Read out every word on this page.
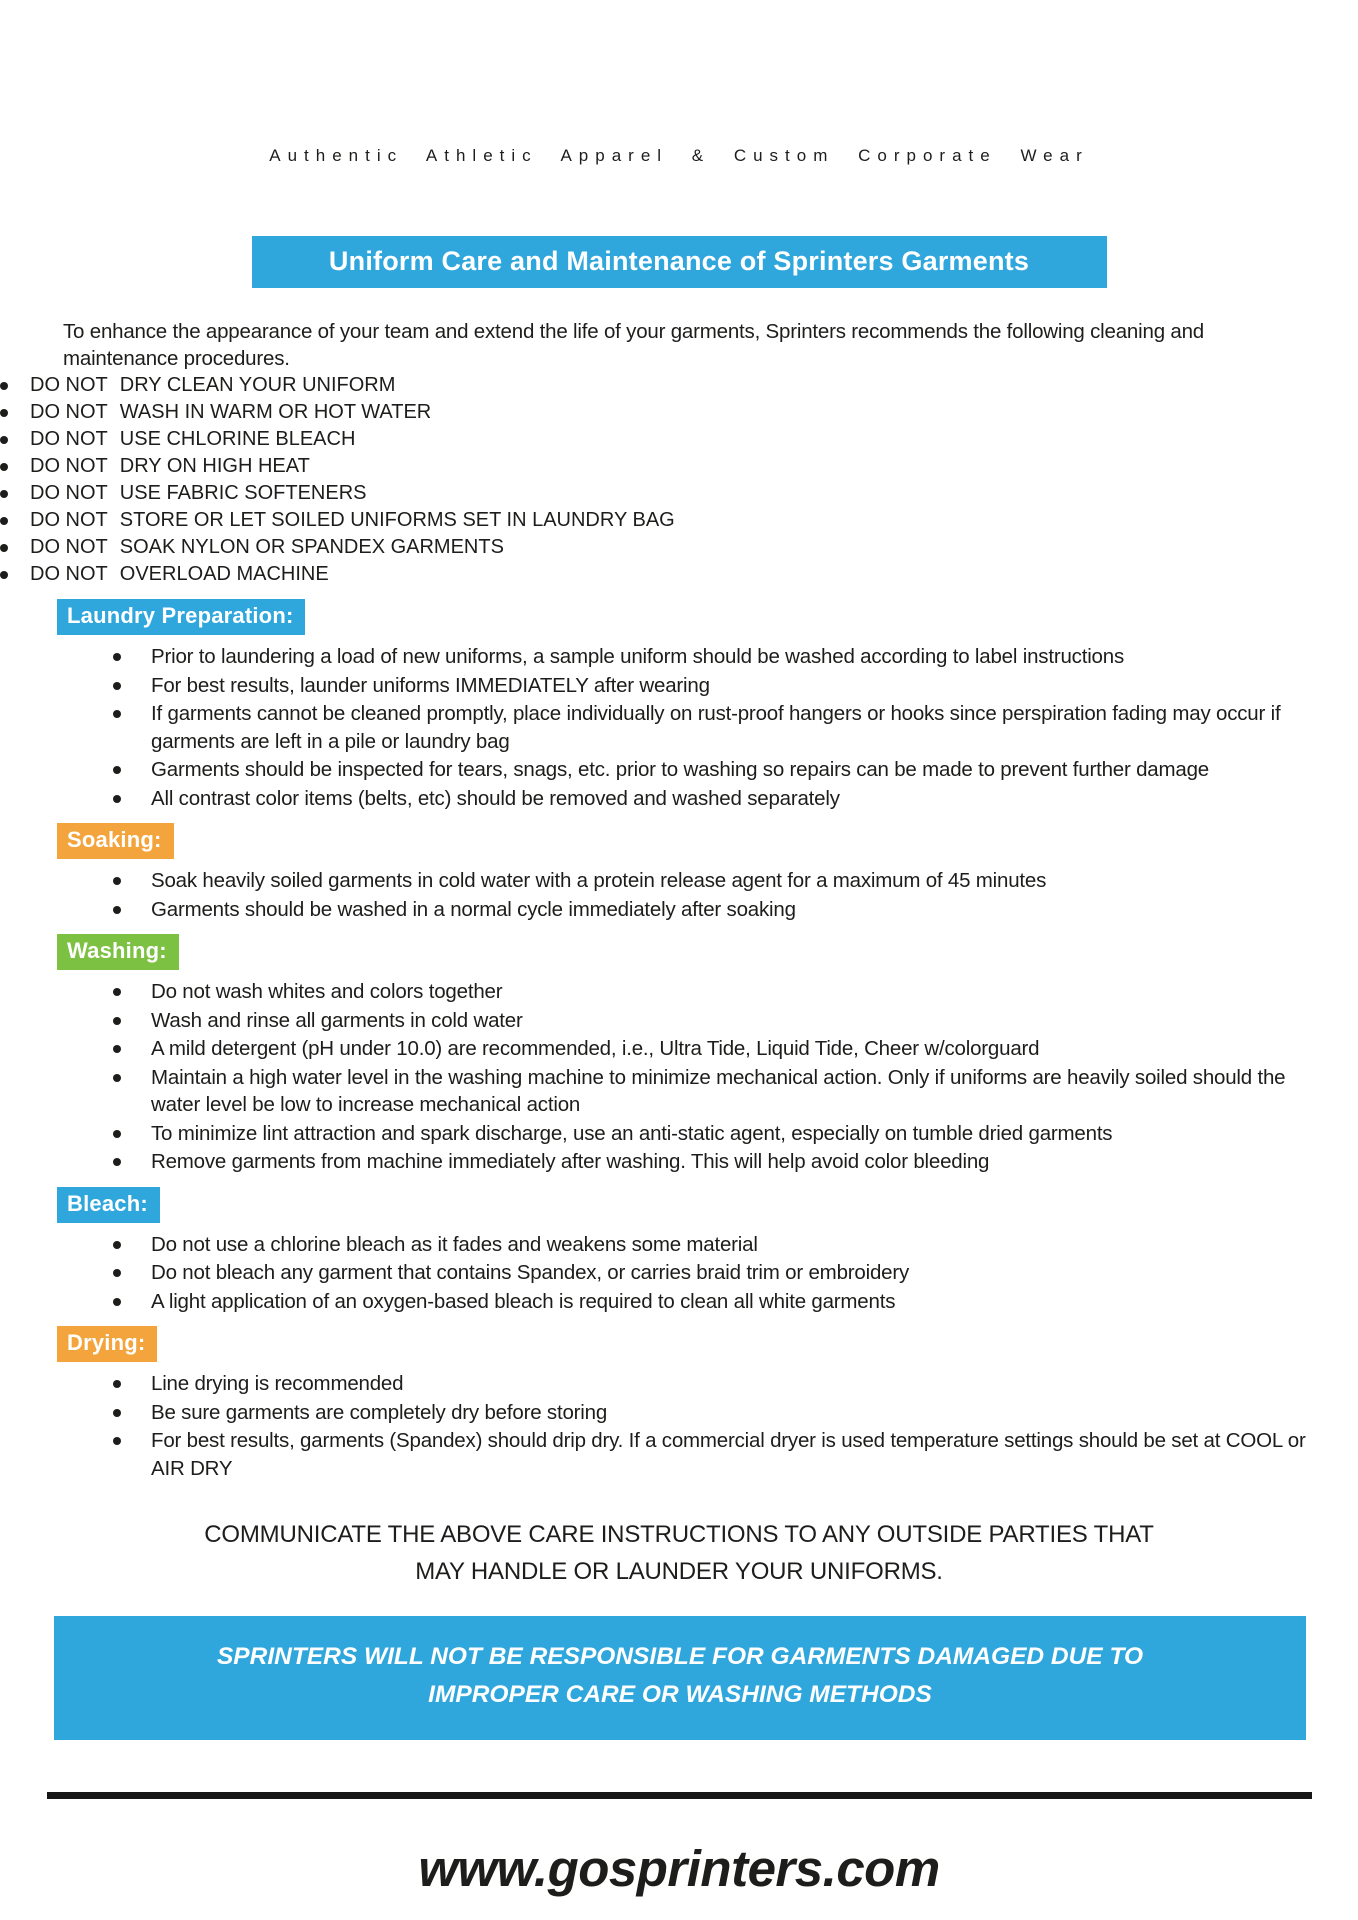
Authentic Athletic Apparel & Custom Corporate Wear
Uniform Care and Maintenance of Sprinters Garments

To enhance the appearance of your team and extend the life of your garments, Sprinters recommends the following cleaning and maintenance procedures.

DO NOT DRY CLEAN YOUR UNIFORM
DO NOT WASH IN WARM OR HOT WATER
DO NOT USE CHLORINE BLEACH
DO NOT DRY ON HIGH HEAT
DO NOT USE FABRIC SOFTENERS
DO NOT STORE OR LET SOILED UNIFORMS SET IN LAUNDRY BAG
DO NOT SOAK NYLON OR SPANDEX GARMENTS
DO NOT OVERLOAD MACHINE
Laundry Preparation:
Prior to laundering a load of new uniforms, a sample uniform should be washed according to label instructions
For best results, launder uniforms IMMEDIATELY after wearing
If garments cannot be cleaned promptly, place individually on rust-proof hangers or hooks since perspiration fading may occur if garments are left in a pile or laundry bag
Garments should be inspected for tears, snags, etc. prior to washing so repairs can be made to prevent further damage
All contrast color items (belts, etc) should be removed and washed separately
Soaking:
Soak heavily soiled garments in cold water with a protein release agent for a maximum of 45 minutes
Garments should be washed in a normal cycle immediately after soaking
Washing:
Do not wash whites and colors together
Wash and rinse all garments in cold water
A mild detergent (pH under 10.0) are recommended, i.e., Ultra Tide, Liquid Tide, Cheer w/colorguard
Maintain a high water level in the washing machine to minimize mechanical action. Only if uniforms are heavily soiled should the water level be low to increase mechanical action
To minimize lint attraction and spark discharge, use an anti-static agent, especially on tumble dried garments
Remove garments from machine immediately after washing. This will help avoid color bleeding
Bleach:
Do not use a chlorine bleach as it fades and weakens some material
Do not bleach any garment that contains Spandex, or carries braid trim or embroidery
A light application of an oxygen-based bleach is required to clean all white garments
Drying:
Line drying is recommended
Be sure garments are completely dry before storing
For best results, garments (Spandex) should drip dry. If a commercial dryer is used temperature settings should be set at COOL or AIR DRY
COMMUNICATE THE ABOVE CARE INSTRUCTIONS TO ANY OUTSIDE PARTIES THAT
MAY HANDLE OR LAUNDER YOUR UNIFORMS.
SPRINTERS WILL NOT BE RESPONSIBLE FOR GARMENTS DAMAGED DUE TO
IMPROPER CARE OR WASHING METHODS
www.gosprinters.com
